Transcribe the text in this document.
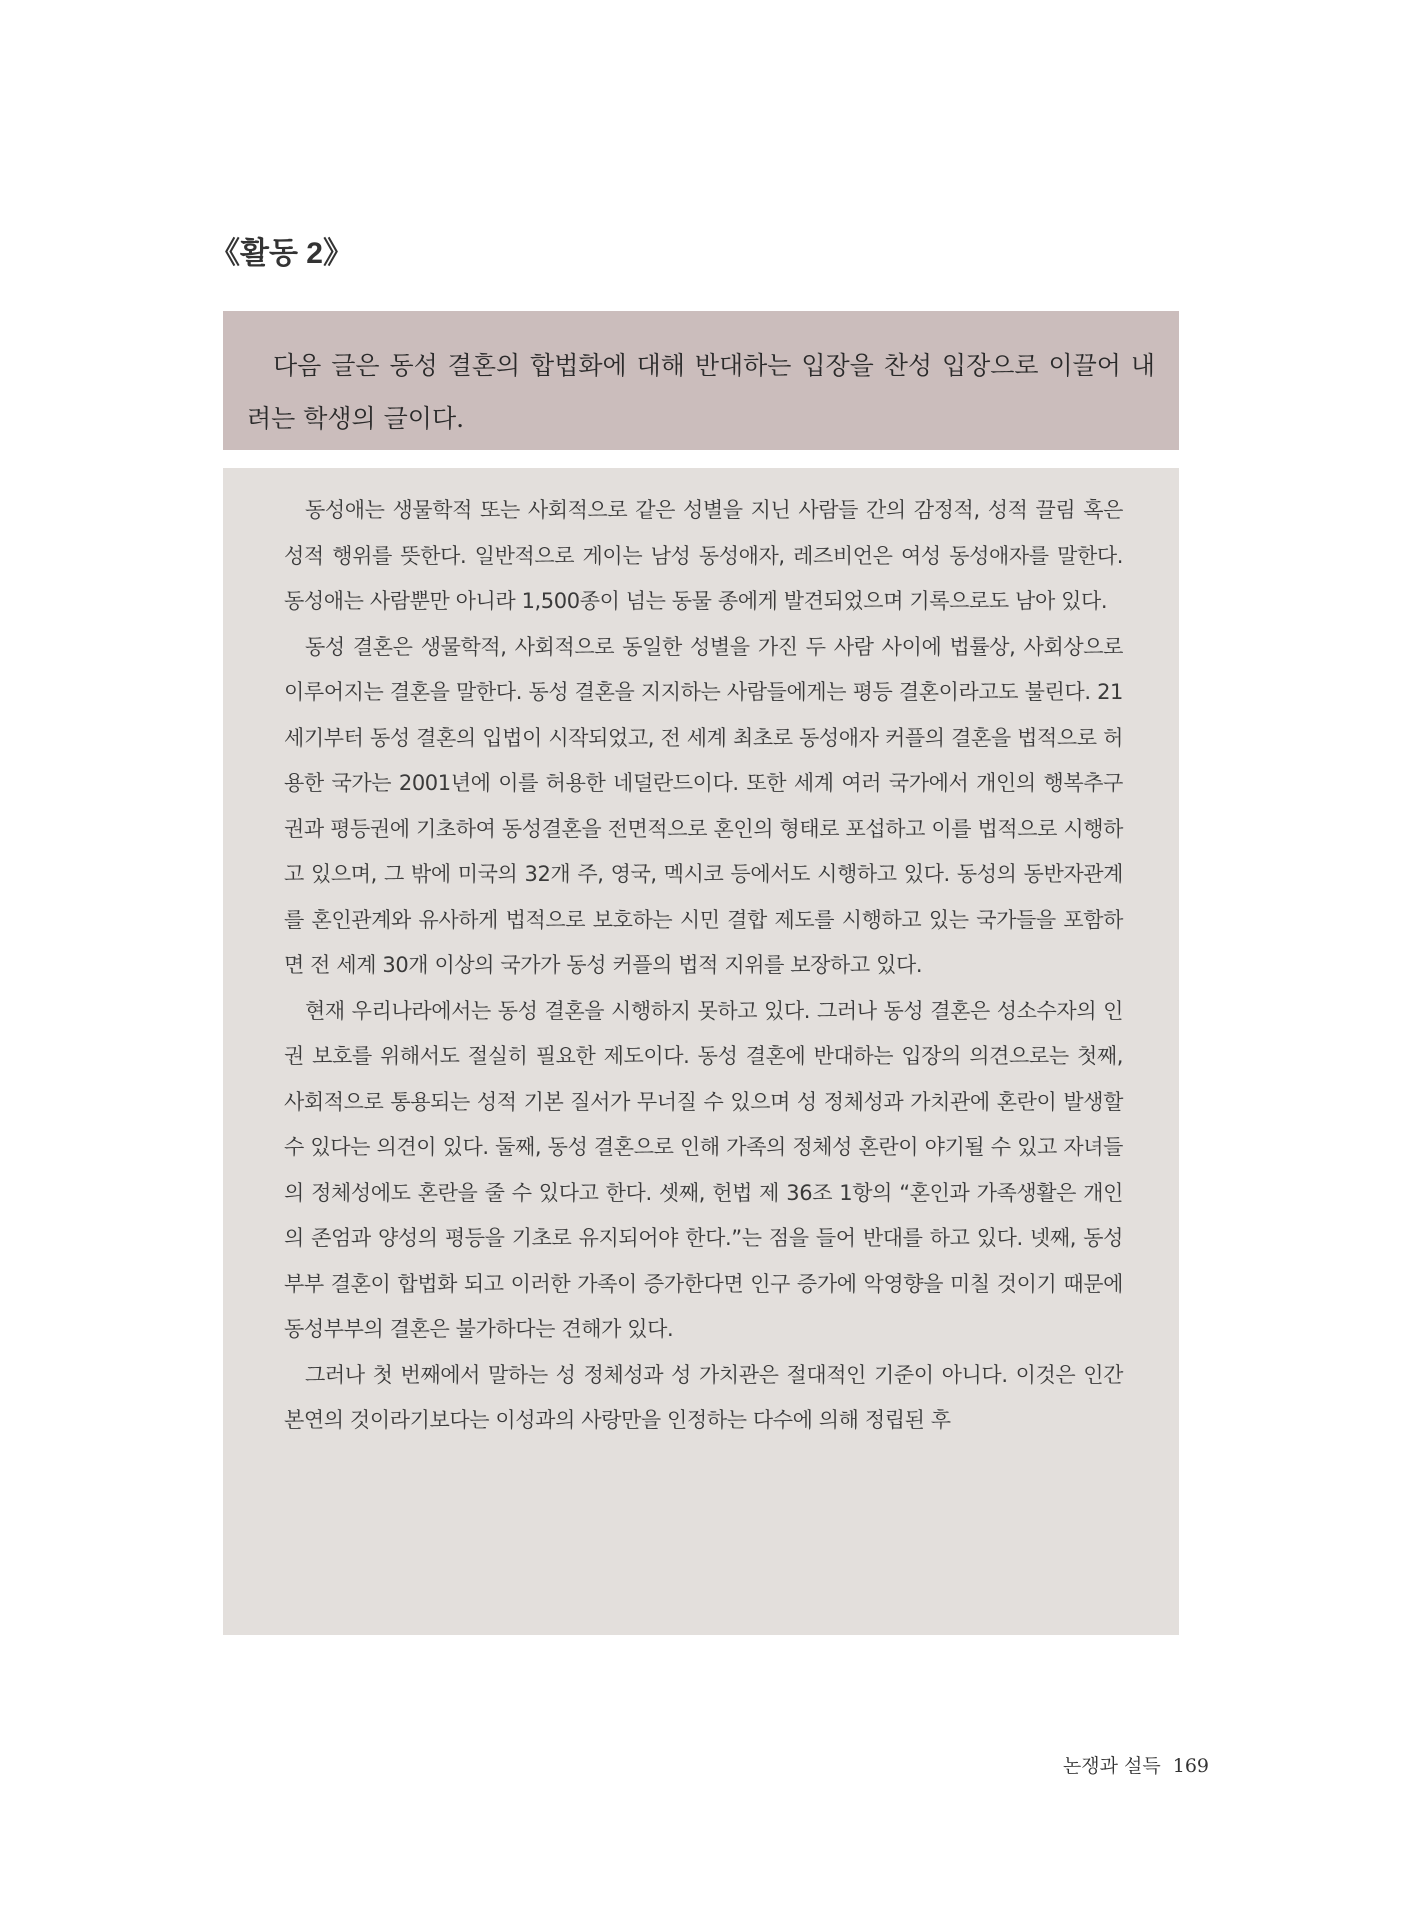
《활동 2》

다음 글은 동성 결혼의 합법화에 대해 반대하는 입장을 찬성 입장으로 이끌어 내려는 학생의 글이다.

동성애는 생물학적 또는 사회적으로 같은 성별을 지닌 사람들 간의 감정적, 성적 끌림 혹은 성적 행위를 뜻한다. 일반적으로 게이는 남성 동성애자, 레즈비언은 여성 동성애자를 말한다. 동성애는 사람뿐만 아니라 1,500종이 넘는 동물 종에게 발견되었으며 기록으로도 남아 있다.

동성 결혼은 생물학적, 사회적으로 동일한 성별을 가진 두 사람 사이에 법률상, 사회상으로 이루어지는 결혼을 말한다. 동성 결혼을 지지하는 사람들에게는 평등 결혼이라고도 불린다. 21세기부터 동성 결혼의 입법이 시작되었고, 전 세계 최초로 동성애자 커플의 결혼을 법적으로 허용한 국가는 2001년에 이를 허용한 네덜란드이다. 또한 세계 여러 국가에서 개인의 행복추구권과 평등권에 기초하여 동성결혼을 전면적으로 혼인의 형태로 포섭하고 이를 법적으로 시행하고 있으며, 그 밖에 미국의 32개 주, 영국, 멕시코 등에서도 시행하고 있다. 동성의 동반자관계를 혼인관계와 유사하게 법적으로 보호하는 시민 결합 제도를 시행하고 있는 국가들을 포함하면 전 세계 30개 이상의 국가가 동성 커플의 법적 지위를 보장하고 있다.

현재 우리나라에서는 동성 결혼을 시행하지 못하고 있다. 그러나 동성 결혼은 성소수자의 인권 보호를 위해서도 절실히 필요한 제도이다. 동성 결혼에 반대하는 입장의 의견으로는 첫째, 사회적으로 통용되는 성적 기본 질서가 무너질 수 있으며 성 정체성과 가치관에 혼란이 발생할 수 있다는 의견이 있다. 둘째, 동성 결혼으로 인해 가족의 정체성 혼란이 야기될 수 있고 자녀들의 정체성에도 혼란을 줄 수 있다고 한다. 셋째, 헌법 제 36조 1항의 “혼인과 가족생활은 개인의 존엄과 양성의 평등을 기초로 유지되어야 한다.”는 점을 들어 반대를 하고 있다. 넷째, 동성부부 결혼이 합법화 되고 이러한 가족이 증가한다면 인구 증가에 악영향을 미칠 것이기 때문에 동성부부의 결혼은 불가하다는 견해가 있다.

그러나 첫 번째에서 말하는 성 정체성과 성 가치관은 절대적인 기준이 아니다. 이것은 인간 본연의 것이라기보다는 이성과의 사랑만을 인정하는 다수에 의해 정립된 후

논쟁과 설득 169
